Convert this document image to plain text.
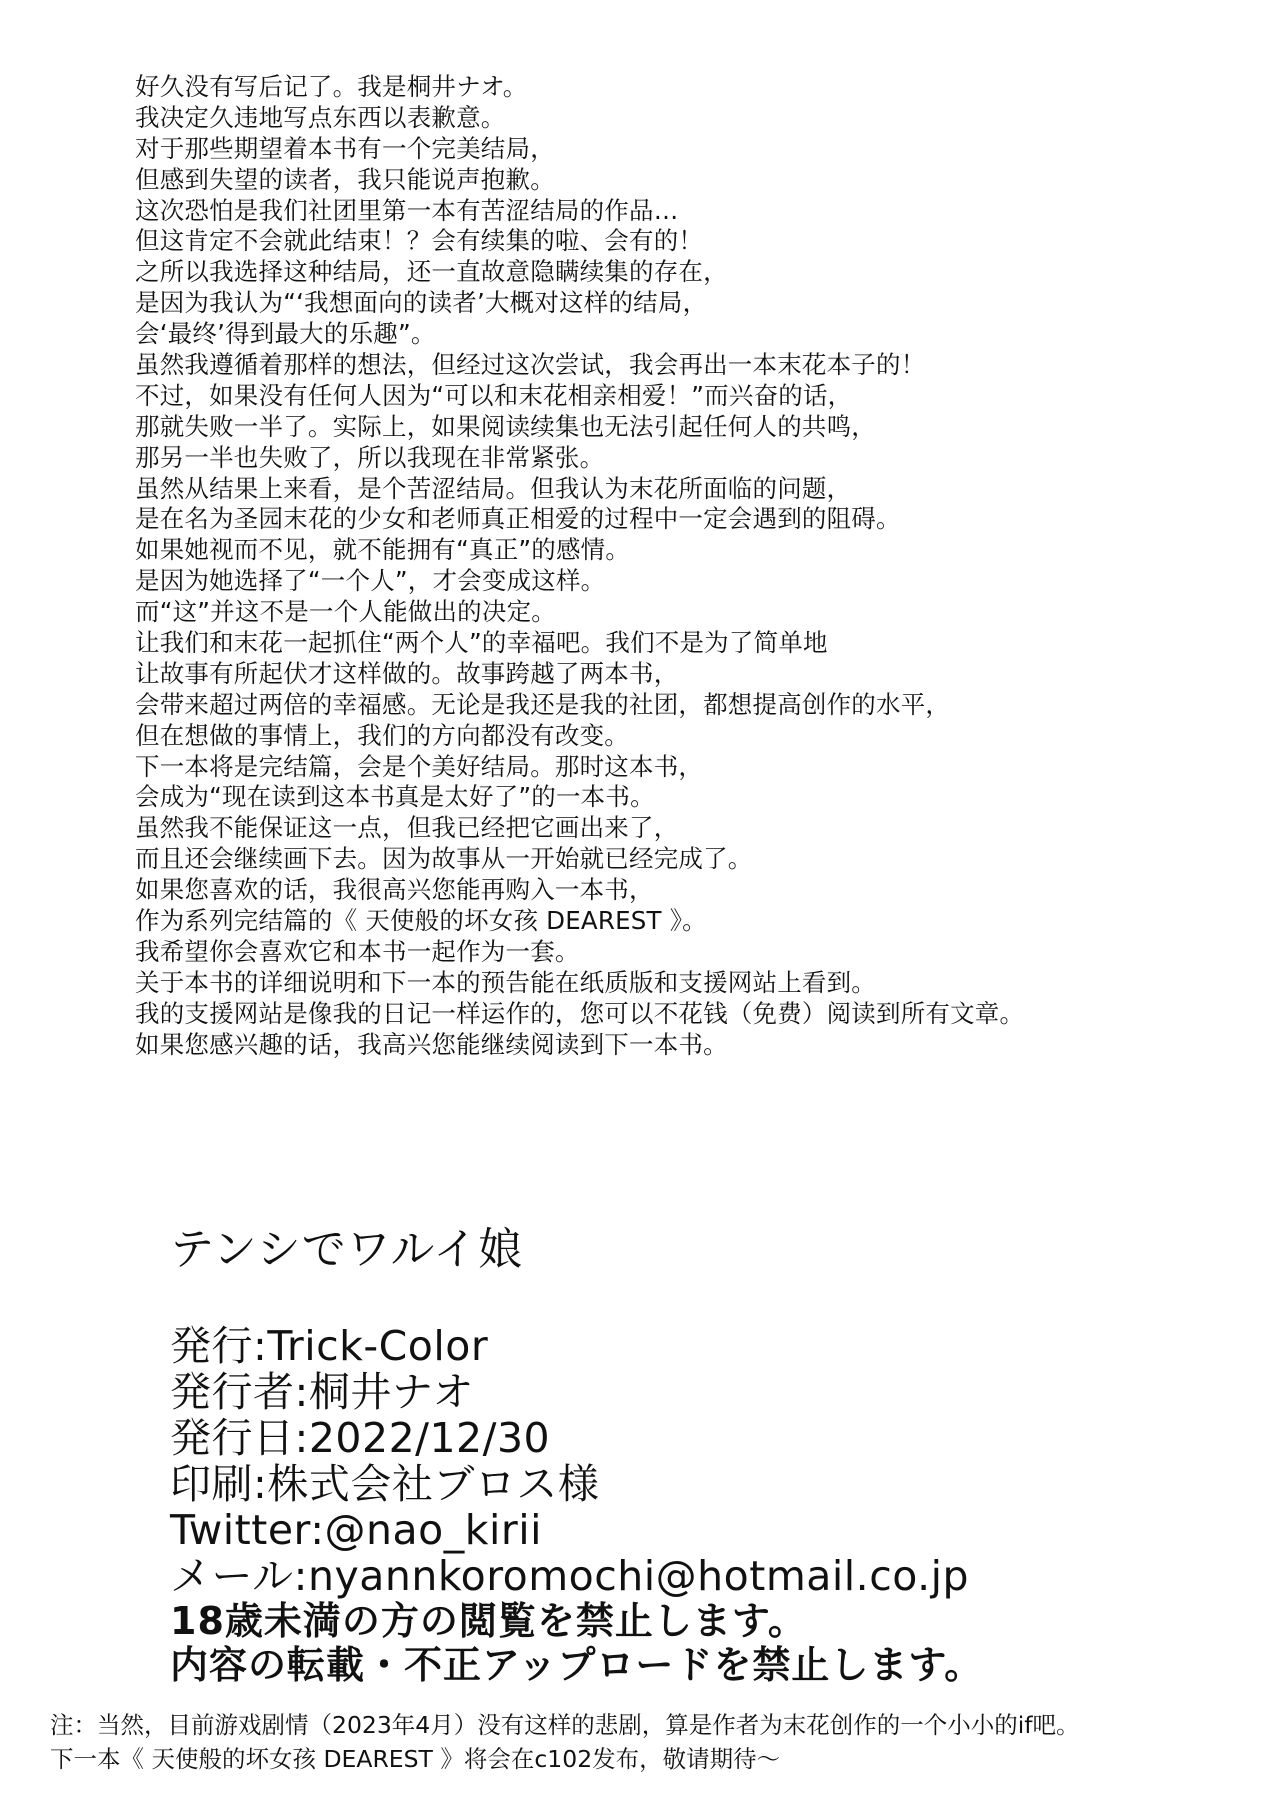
好久没有写后记了。我是桐井ナオ。
我决定久违地写点东西以表歉意。
对于那些期望着本书有一个完美结局，
但感到失望的读者，我只能说声抱歉。
这次恐怕是我们社团里第一本有苦涩结局的作品…
但这肯定不会就此结束！？会有续集的啦、会有的！
之所以我选择这种结局，还一直故意隐瞒续集的存在，
是因为我认为“‘我想面向的读者’大概对这样的结局，
会‘最终’得到最大的乐趣”。
虽然我遵循着那样的想法，但经过这次尝试，我会再出一本末花本子的！
不过，如果没有任何人因为“可以和末花相亲相爱！”而兴奋的话，
那就失败一半了。实际上，如果阅读续集也无法引起任何人的共鸣，
那另一半也失败了，所以我现在非常紧张。
虽然从结果上来看，是个苦涩结局。但我认为末花所面临的问题，
是在名为圣园末花的少女和老师真正相爱的过程中一定会遇到的阻碍。
如果她视而不见，就不能拥有“真正”的感情。
是因为她选择了“一个人”，才会变成这样。
而“这”并这不是一个人能做出的决定。
让我们和末花一起抓住“两个人”的幸福吧。我们不是为了简单地
让故事有所起伏才这样做的。故事跨越了两本书，
会带来超过两倍的幸福感。无论是我还是我的社团，都想提高创作的水平，
但在想做的事情上，我们的方向都没有改变。
下一本将是完结篇，会是个美好结局。那时这本书，
会成为“现在读到这本书真是太好了”的一本书。
虽然我不能保证这一点，但我已经把它画出来了，
而且还会继续画下去。因为故事从一开始就已经完成了。
如果您喜欢的话，我很高兴您能再购入一本书，
作为系列完结篇的《 天使般的坏女孩 DEAREST 》。
我希望你会喜欢它和本书一起作为一套。
关于本书的详细说明和下一本的预告能在纸质版和支援网站上看到。
我的支援网站是像我的日记一样运作的，您可以不花钱（免费）阅读到所有文章。
如果您感兴趣的话，我高兴您能继续阅读到下一本书。
テンシでワルイ娘
発行:Trick-Color
発行者:桐井ナオ
発行日:2022/12/30
印刷:株式会社ブロス様
Twitter:@nao_kirii
メール:nyannkoromochi@hotmail.co.jp
18歳未満の方の閲覧を禁止します。
内容の転載・不正アップロードを禁止します。
注：当然，目前游戏剧情（2023年4月）没有这样的悲剧，算是作者为末花创作的一个小小的if吧。
下一本《 天使般的坏女孩 DEAREST 》将会在c102发布，敬请期待～
